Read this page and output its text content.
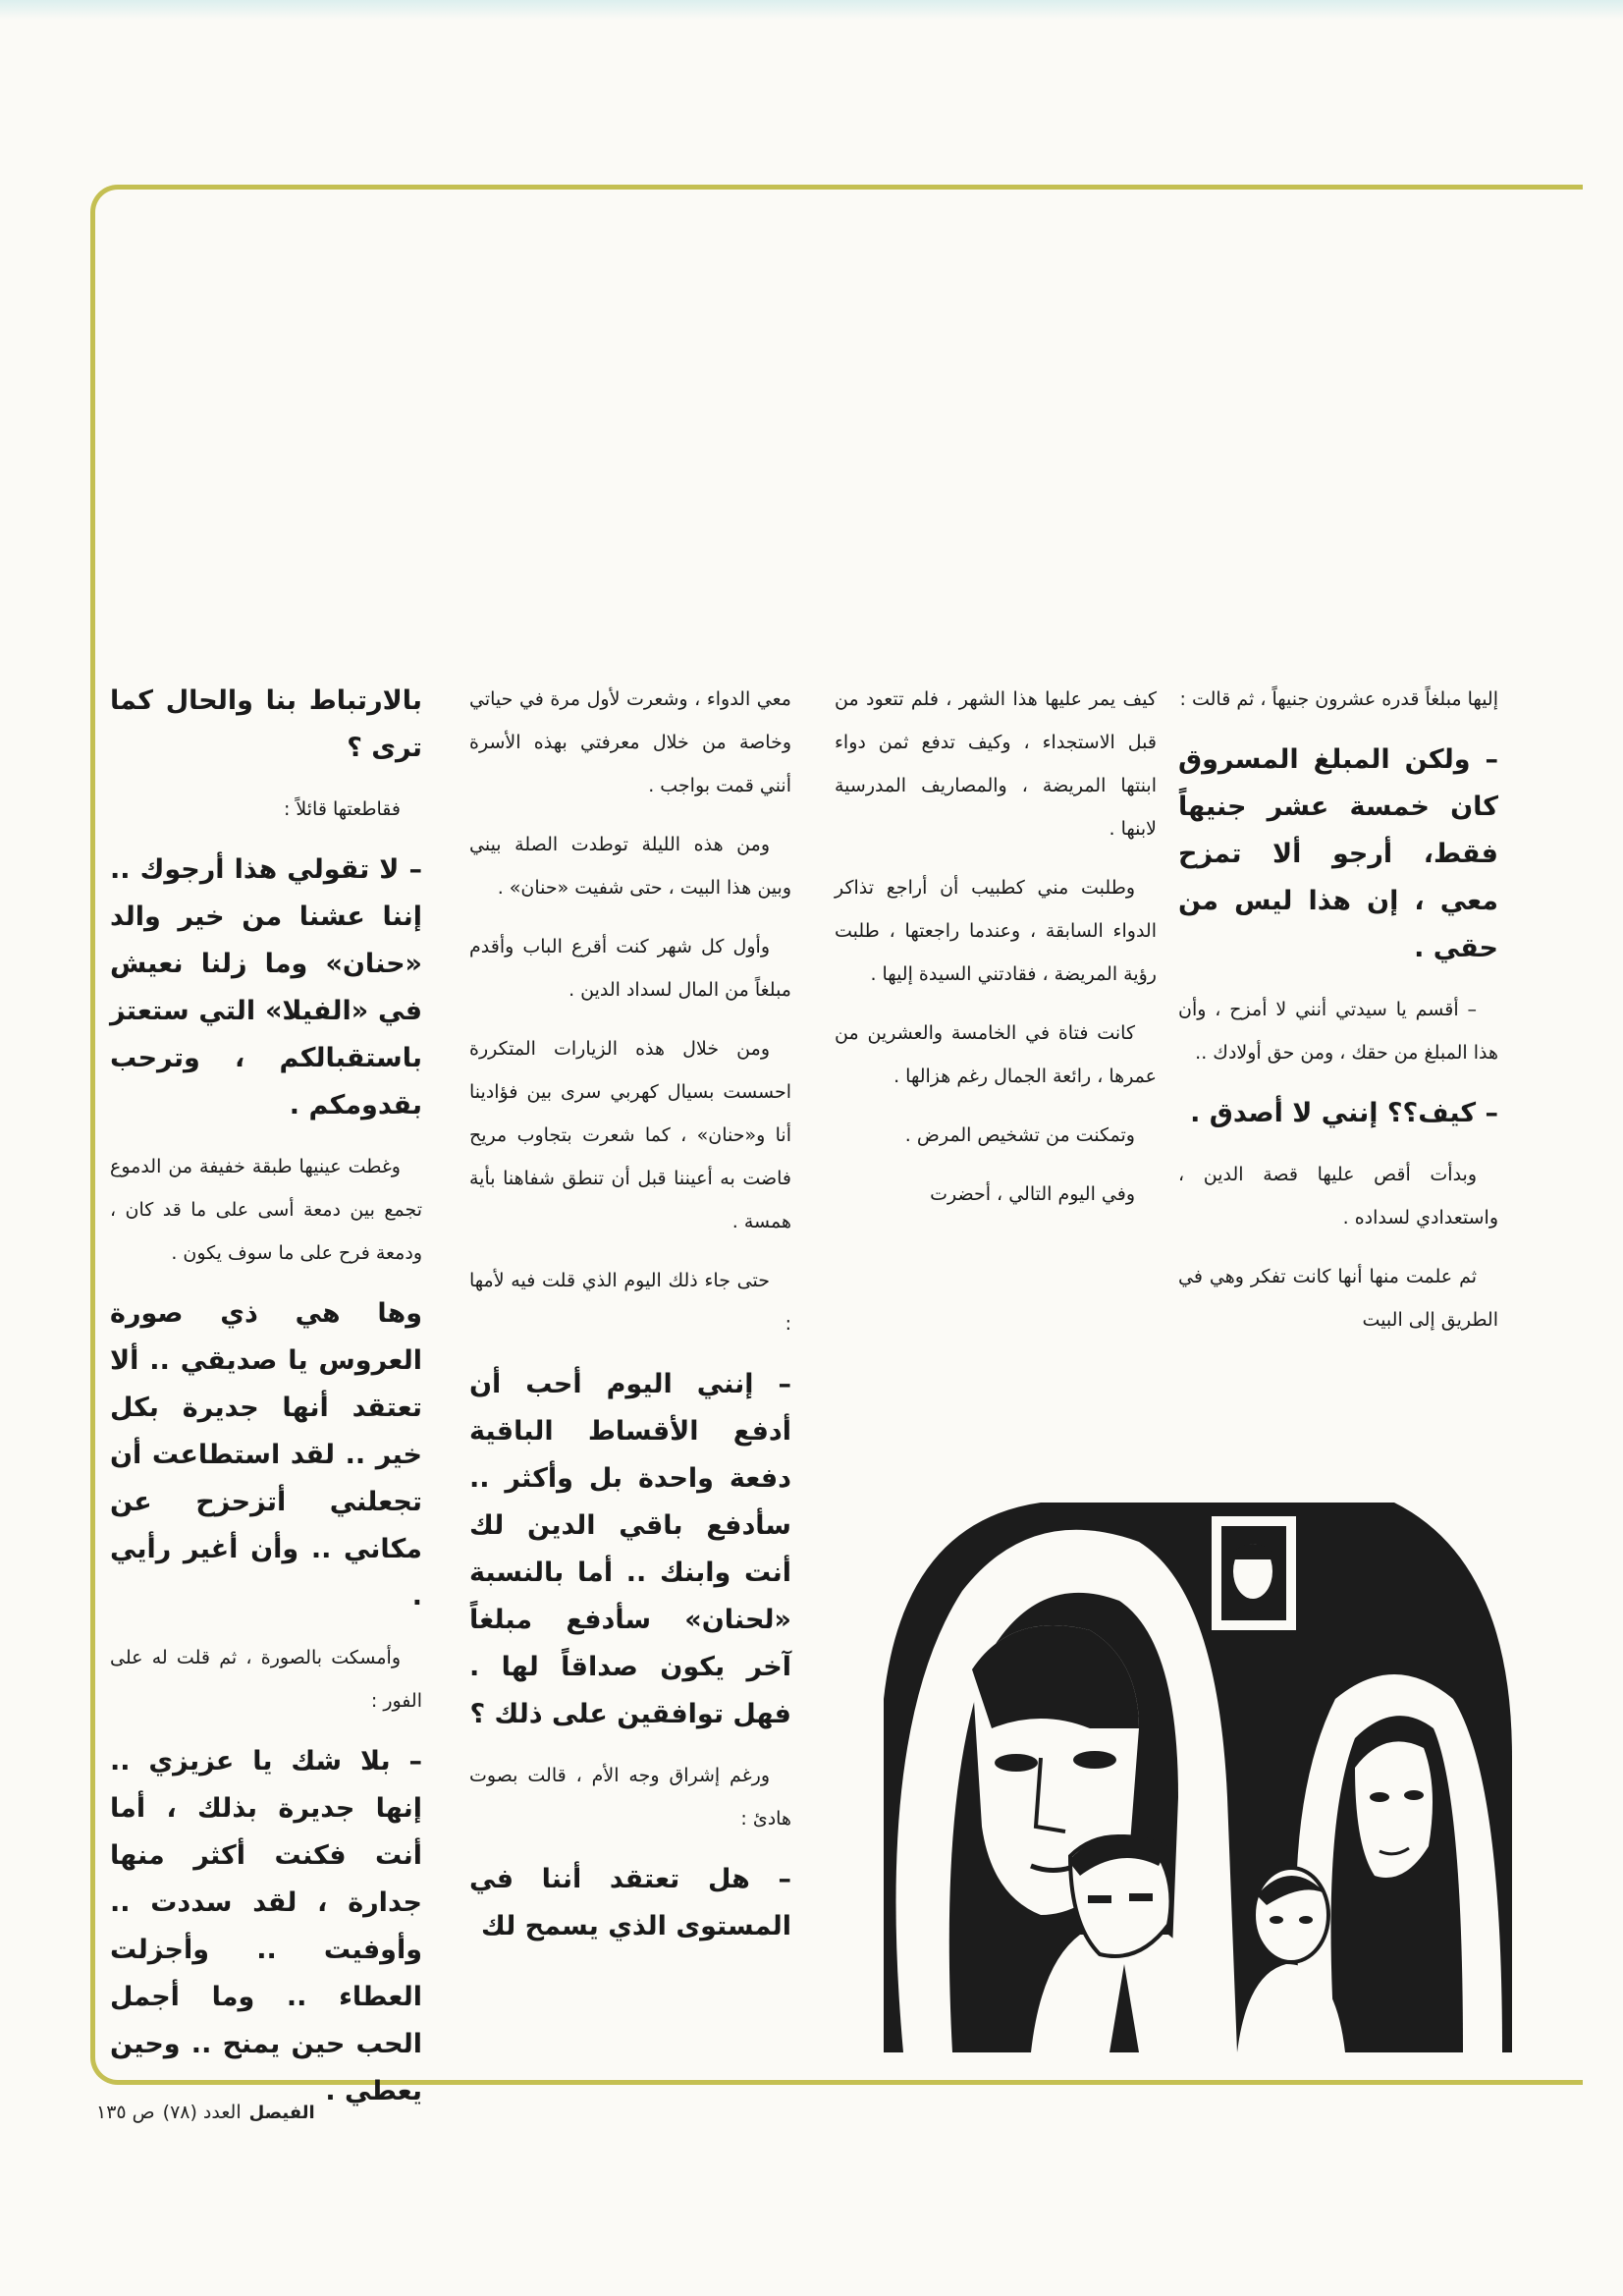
إليها مبلغاً قدره عشرون جنيهاً ، ثم قالت :

– ولكن المبلغ المسروق كان خمسة عشر جنيهاً فقط، أرجو ألا تمزح معي ، إن هذا ليس من حقي .

– أقسم يا سيدتي أنني لا أمزح ، وأن هذا المبلغ من حقك ، ومن حق أولادك ..

– كيف؟؟ إنني لا أصدق .

وبدأت أقص عليها قصة الدين ، واستعدادي لسداده .

ثم علمت منها أنها كانت تفكر وهي في الطريق إلى البيت

كيف يمر عليها هذا الشهر ، فلم تتعود من قبل الاستجداء ، وكيف تدفع ثمن دواء ابنتها المريضة ، والمصاريف المدرسية لابنها .

وطلبت مني كطبيب أن أراجع تذاكر الدواء السابقة ، وعندما راجعتها ، طلبت رؤية المريضة ، فقادتني السيدة إليها .

كانت فتاة في الخامسة والعشرين من عمرها ، رائعة الجمال رغم هزالها .

وتمكنت من تشخيص المرض .

وفي اليوم التالي ، أحضرت

معي الدواء ، وشعرت لأول مرة في حياتي وخاصة من خلال معرفتي بهذه الأسرة أنني قمت بواجب .

ومن هذه الليلة توطدت الصلة بيني وبين هذا البيت ، حتى شفيت «حنان» .

وأول كل شهر كنت أقرع الباب وأقدم مبلغاً من المال لسداد الدين .

ومن خلال هذه الزيارات المتكررة احسست بسيال كهربي سرى بين فؤادينا أنا و«حنان» ، كما شعرت بتجاوب مريح فاضت به أعيننا قبل أن تنطق شفاهنا بأية همسة .

حتى جاء ذلك اليوم الذي قلت فيه لأمها :

– إنني اليوم أحب أن أدفع الأقساط الباقية دفعة واحدة بل وأكثر .. سأدفع باقي الدين لك أنت وابنك .. أما بالنسبة «لحنان» سأدفع مبلغاً آخر يكون صداقاً لها . فهل توافقين على ذلك ؟

ورغم إشراق وجه الأم ، قالت بصوت هادئ :

– هل تعتقد أننا في المستوى الذي يسمح لك

بالارتباط بنا والحال كما ترى ؟

فقاطعتها قائلاً :

– لا تقولي هذا أرجوك .. إننا عشنا من خير والد «حنان» وما زلنا نعيش في «الفيلا» التي ستعتز باستقبالكم ، وترحب بقدومكم .

وغطت عينيها طبقة خفيفة من الدموع تجمع بين دمعة أسى على ما قد كان ، ودمعة فرح على ما سوف يكون .

وها هي ذي صورة العروس يا صديقي .. ألا تعتقد أنها جديرة بكل خير .. لقد استطاعت أن تجعلني أتزحزح عن مكاني .. وأن أغير رأيي .

وأمسكت بالصورة ، ثم قلت له على الفور :

– بلا شك يا عزيزي .. إنها جديرة بذلك ، أما أنت فكنت أكثر منها جدارة ، لقد سددت .. وأوفيت .. وأجزلت العطاء .. وما أجمل الحب حين يمنح .. وحين يعطي .

الفيصل
العدد (٧٨)
ص ١٣٥
